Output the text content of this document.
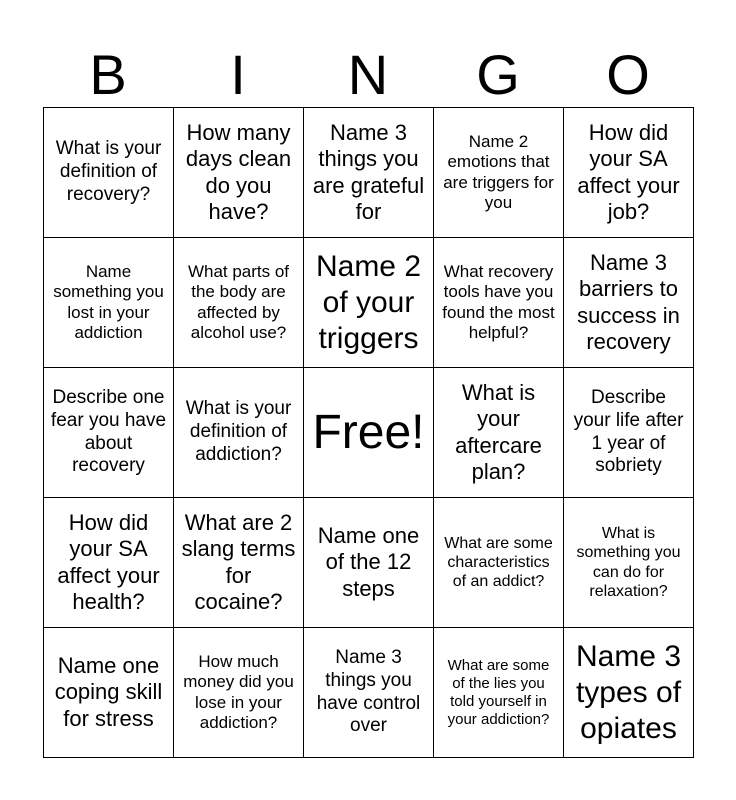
B	I	N	G	O
What is your definition of recovery?	How many days clean do you have?	Name 3 things you are grateful for	Name 2 emotions that are triggers for you	How did your SA affect your job?
Name something you lost in your addiction	What parts of the body are affected by alcohol use?	Name 2 of your triggers	What recovery tools have you found the most helpful?	Name 3 barriers to success in recovery
Describe one fear you have about recovery	What is your definition of addiction?	Free!	What is your aftercare plan?	Describe your life after 1 year of sobriety
How did your SA affect your health?	What are 2 slang terms for cocaine?	Name one of the 12 steps	What are some characteristics of an addict?	What is something you can do for relaxation?
Name one coping skill for stress	How much money did you lose in your addiction?	Name 3 things you have control over	What are some of the lies you told yourself in your addiction?	Name 3 types of opiates
